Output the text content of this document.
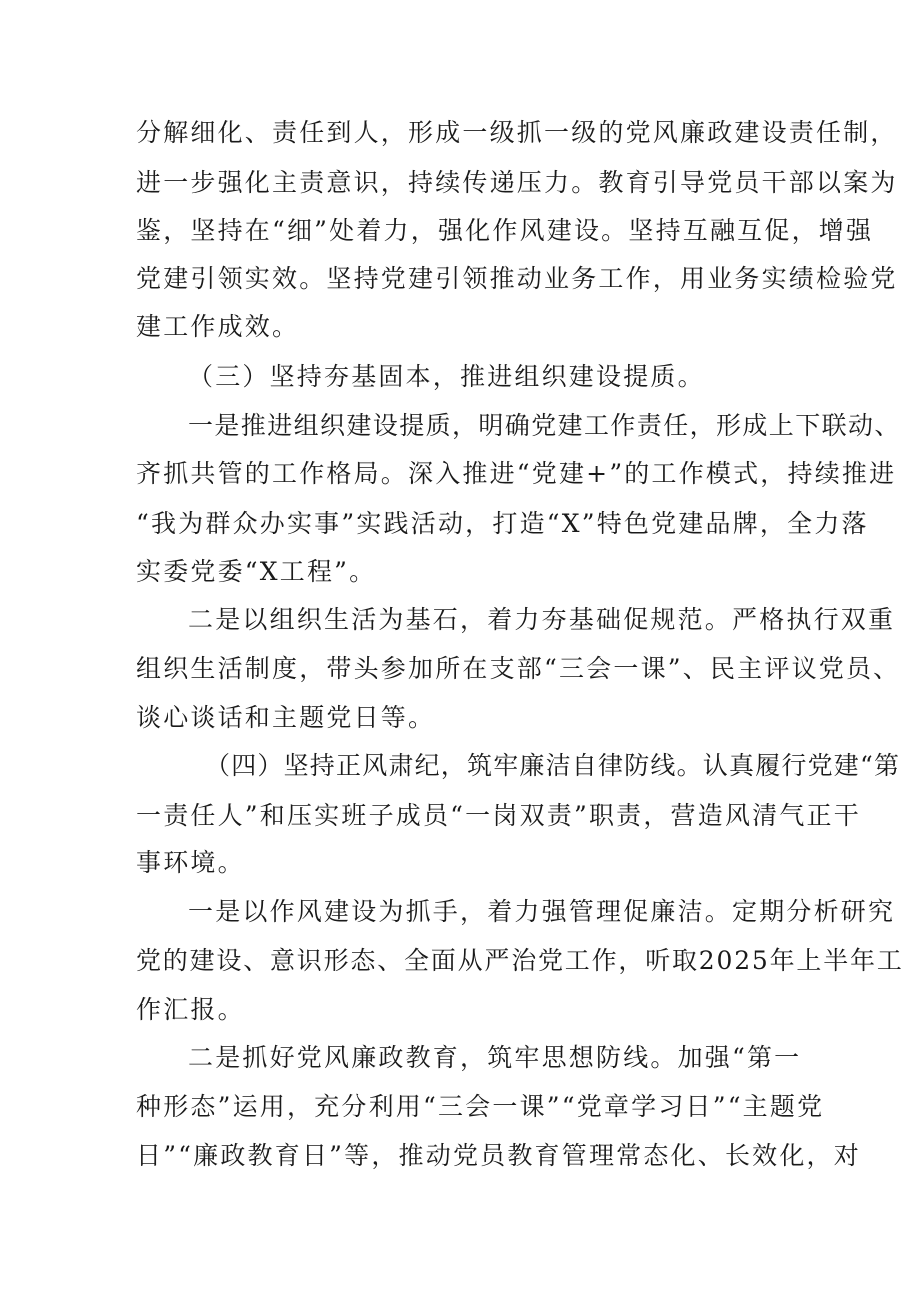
分解细化、责任到人，形成一级抓一级的党风廉政建设责任制，
进一步强化主责意识，持续传递压力。教育引导党员干部以案为
鉴，坚持在“细”处着力，强化作风建设。坚持互融互促，增强
党建引领实效。坚持党建引领推动业务工作，用业务实绩检验党
建工作成效。
（三）坚持夯基固本，推进组织建设提质。
一是推进组织建设提质，明确党建工作责任，形成上下联动、
齐抓共管的工作格局。深入推进“党建+”的工作模式，持续推进
“我为群众办实事”实践活动，打造“X”特色党建品牌，全力落
实委党委“X工程”。
二是以组织生活为基石，着力夯基础促规范。严格执行双重
组织生活制度，带头参加所在支部“三会一课”、民主评议党员、
谈心谈话和主题党日等。
（四）坚持正风肃纪，筑牢廉洁自律防线。认真履行党建“第
一责任人”和压实班子成员“一岗双责”职责，营造风清气正干
事环境。
一是以作风建设为抓手，着力强管理促廉洁。定期分析研究
党的建设、意识形态、全面从严治党工作，听取2025年上半年工
作汇报。
二是抓好党风廉政教育，筑牢思想防线。加强“第一
种形态”运用，充分利用“三会一课”“党章学习日”“主题党
日”“廉政教育日”等，推动党员教育管理常态化、长效化，对
